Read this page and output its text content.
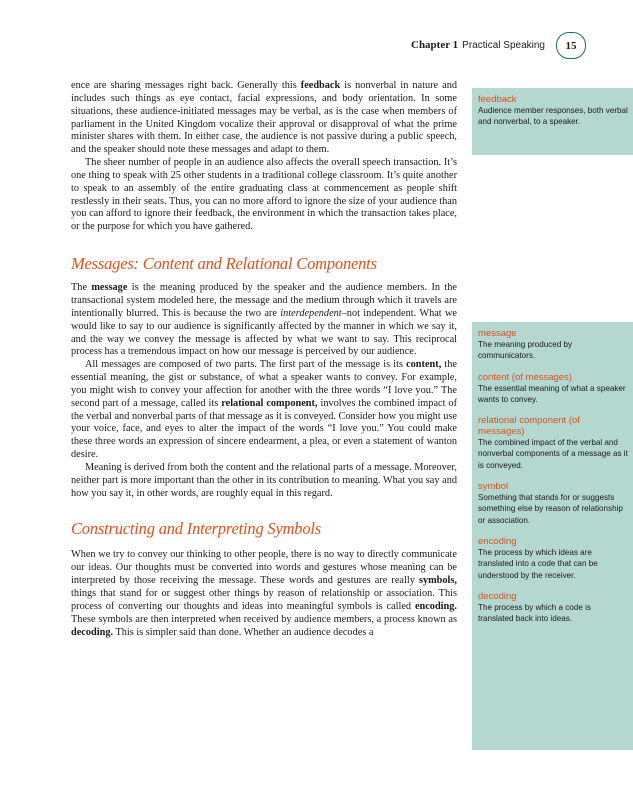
Chapter 1 Practical Speaking	15

ence are sharing messages right back. Generally this feedback is nonverbal in nature and includes such things as eye contact, facial expressions, and body orientation. In some situations, these audience-initiated messages may be verbal, as is the case when members of parliament in the United Kingdom vocalize their approval or disapproval of what the prime minister shares with them. In either case, the audience is not passive during a public speech, and the speaker should note these messages and adapt to them.

The sheer number of people in an audience also affects the overall speech transaction. It’s one thing to speak with 25 other students in a traditional college classroom. It’s quite another to speak to an assembly of the entire graduating class at commencement as people shift restlessly in their seats. Thus, you can no more afford to ignore the size of your audience than you can afford to ignore their feedback, the environment in which the transaction takes place, or the purpose for which you have gathered.

Messages: Content and Relational Components

The message is the meaning produced by the speaker and the audience members. In the transactional system modeled here, the message and the medium through which it travels are intentionally blurred. This is because the two are interdependent–not independent. What we would like to say to our audience is significantly affected by the manner in which we say it, and the way we convey the message is affected by what we want to say. This reciprocal process has a tremendous impact on how our message is perceived by our audience.

All messages are composed of two parts. The first part of the message is its content, the essential meaning, the gist or substance, of what a speaker wants to convey. For example, you might wish to convey your affection for another with the three words “I love you.” The second part of a message, called its relational component, involves the combined impact of the verbal and nonverbal parts of that message as it is conveyed. Consider how you might use your voice, face, and eyes to alter the impact of the words “I love you.” You could make these three words an expression of sincere endearment, a plea, or even a statement of wanton desire.

Meaning is derived from both the content and the relational parts of a message. Moreover, neither part is more important than the other in its contribution to meaning. What you say and how you say it, in other words, are roughly equal in this regard.

Constructing and Interpreting Symbols

When we try to convey our thinking to other people, there is no way to directly communicate our ideas. Our thoughts must be converted into words and gestures whose meaning can be interpreted by those receiving the message. These words and gestures are really symbols, things that stand for or suggest other things by reason of relationship or association. This process of converting our thoughts and ideas into meaningful symbols is called encoding. These symbols are then interpreted when received by audience members, a process known as decoding. This is simpler said than done. Whether an audience decodes a

feedback
Audience member responses, both verbal and nonverbal, to a speaker.
message
The meaning produced by communicators.
content (of messages)
The essential meaning of what a speaker wants to convey.
relational component (of messages)
The combined impact of the verbal and nonverbal components of a message as it is conveyed.
symbol
Something that stands for or suggests something else by reason of relationship or association.
encoding
The process by which ideas are translated into a code that can be understood by the receiver.
decoding
The process by which a code is translated back into ideas.
